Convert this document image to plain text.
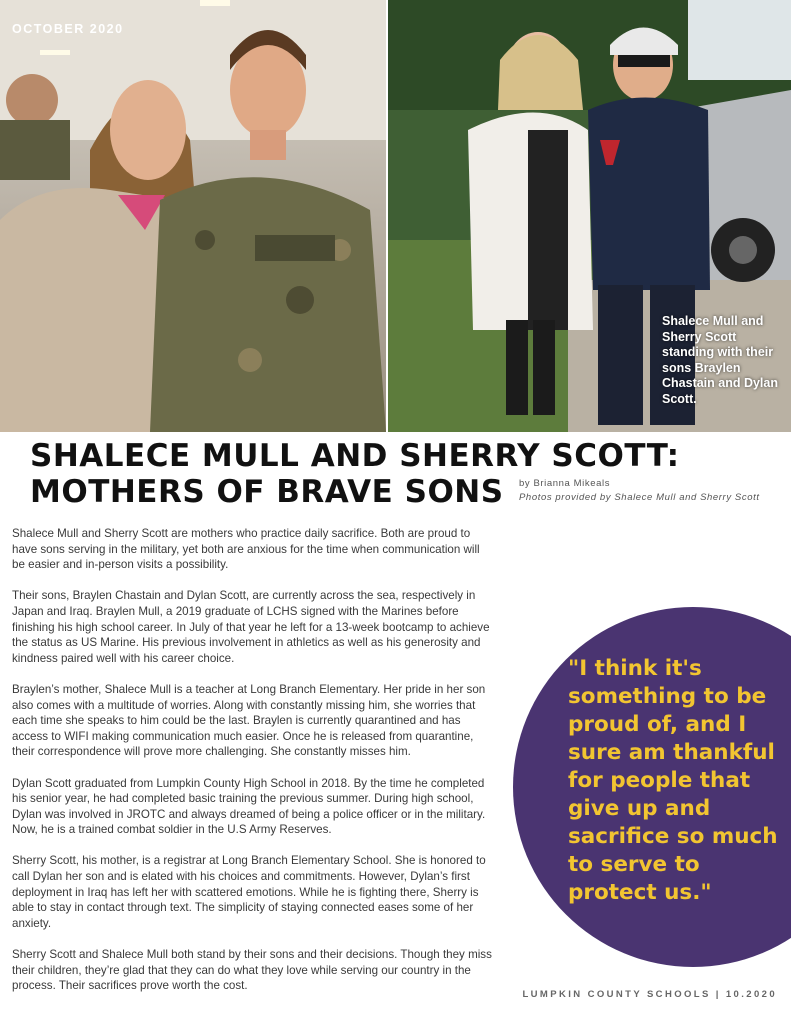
OCTOBER 2020
Shalece Mull and Sherry Scott standing with their sons Braylen Chastain and Dylan Scott.
SHALECE MULL AND SHERRY SCOTT:
MOTHERS OF BRAVE SONS	by Brianna Mikeals
Photos provided by Shalece Mull and Sherry Scott

Shalece Mull and Sherry Scott are mothers who practice daily sacrifice. Both are proud to have sons serving in the military, yet both are anxious for the time when communication will be easier and in-person visits a possibility.

Their sons, Braylen Chastain and Dylan Scott, are currently across the sea, respectively in Japan and Iraq. Braylen Mull, a 2019 graduate of LCHS signed with the Marines before finishing his high school career. In July of that year he left for a 13-week bootcamp to achieve the status as US Marine. His previous involvement in athletics as well as his generosity and kindness paired well with his career choice.

Braylen’s mother, Shalece Mull is a teacher at Long Branch Elementary. Her pride in her son also comes with a multitude of worries. Along with constantly missing him, she worries that each time she speaks to him could be the last. Braylen is currently quarantined and has access to WIFI making communication much easier. Once he is released from quarantine, their correspondence will prove more challenging. She constantly misses him.

Dylan Scott graduated from Lumpkin County High School in 2018. By the time he completed his senior year, he had completed basic training the previous summer. During high school, Dylan was involved in JROTC and always dreamed of being a police officer or in the military. Now, he is a trained combat soldier in the U.S Army Reserves.

Sherry Scott, his mother, is a registrar at Long Branch Elementary School. She is honored to call Dylan her son and is elated with his choices and commitments. However, Dylan’s first deployment in Iraq has left her with scattered emotions. While he is fighting there, Sherry is able to stay in contact through text. The simplicity of staying connected eases some of her anxiety.

Sherry Scott and Shalece Mull both stand by their sons and their decisions. Though they miss their children, they’re glad that they can do what they love while serving our country in the process. Their sacrifices prove worth the cost.

"I think it's something to be proud of, and I sure am thankful for people that give up and sacrifice so much to serve to protect us."
LUMPKIN COUNTY SCHOOLS | 10.2020
